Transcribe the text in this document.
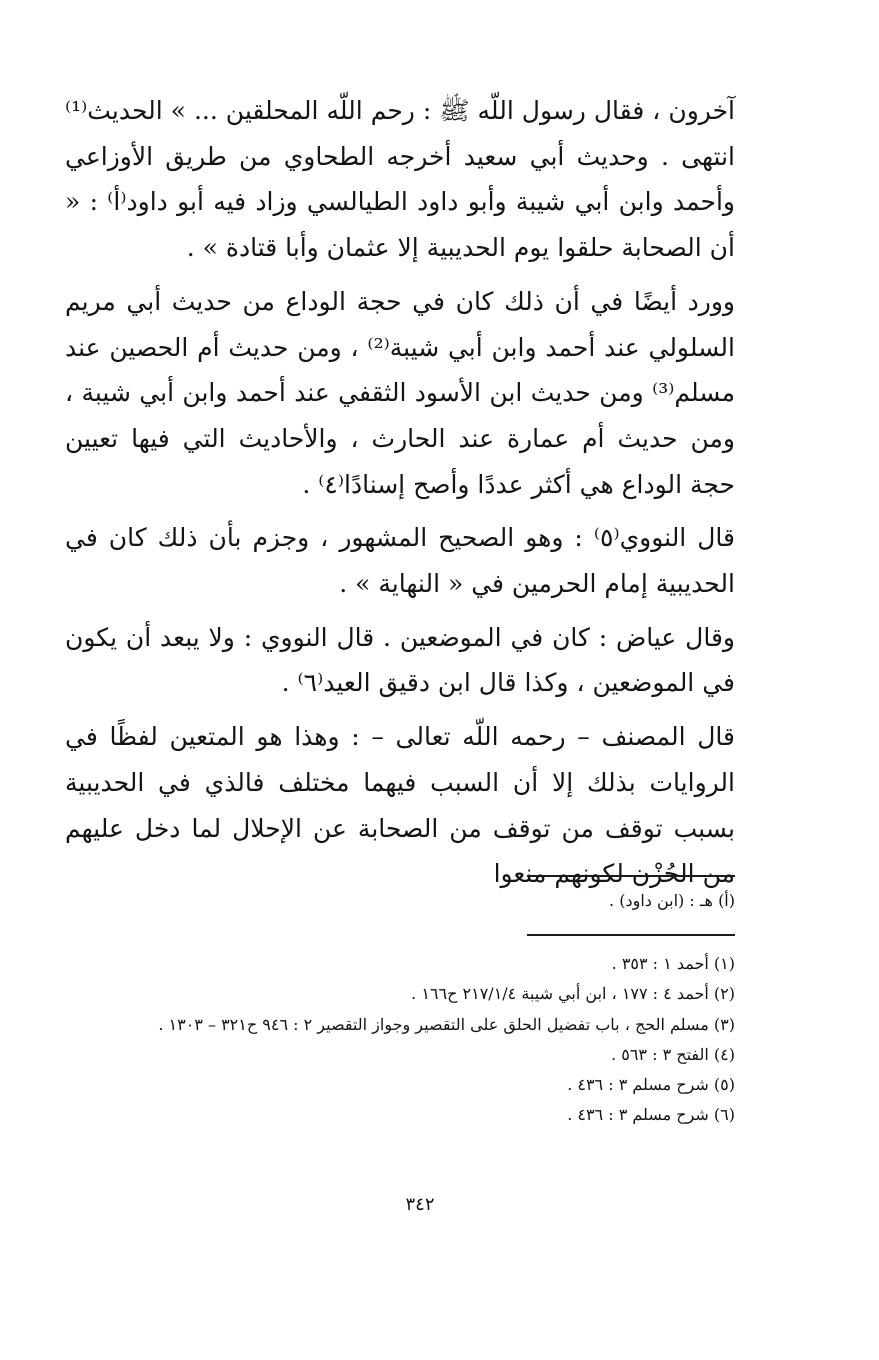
آخرون ، فقال رسول اللّه ﷺ : رحم اللّه المحلقين ... » الحديث⁽¹⁾ انتهى . وحديث أبي سعيد أخرجه الطحاوي من طريق الأوزاعي وأحمد وابن أبي شيبة وأبو داود الطيالسي وزاد فيه أبو داود⁽أ⁾ : « أن الصحابة حلقوا يوم الحديبية إلا عثمان وأبا قتادة » .

وورد أيضًا في أن ذلك كان في حجة الوداع من حديث أبي مريم السلولي عند أحمد وابن أبي شيبة⁽²⁾ ، ومن حديث أم الحصين عند مسلم⁽³⁾ ومن حديث ابن الأسود الثقفي عند أحمد وابن أبي شيبة ، ومن حديث أم عمارة عند الحارث ، والأحاديث التي فيها تعيين حجة الوداع هي أكثر عددًا وأصح إسنادًا⁽٤⁾ .

قال النووي⁽٥⁾ : وهو الصحيح المشهور ، وجزم بأن ذلك كان في الحديبية إمام الحرمين في « النهاية » .

وقال عياض : كان في الموضعين . قال النووي : ولا يبعد أن يكون في الموضعين ، وكذا قال ابن دقيق العيد⁽٦⁾ .

قال المصنف – رحمه اللّه تعالى – : وهذا هو المتعين لفظًا في الروايات بذلك إلا أن السبب فيهما مختلف فالذي في الحديبية بسبب توقف من توقف من الصحابة عن الإحلال لما دخل عليهم من الحُزْن لكونهم منعوا

(أ) هـ : (ابن داود) .
(١) أحمد ١ : ٣٥٣ .
(٢) أحمد ٤ : ١٧٧ ، ابن أبي شيبة ٢١٧/١/٤ ح١٦٦ .
(٣) مسلم الحج ، باب تفضيل الحلق على التقصير وجواز التقصير ٢ : ٩٤٦ ح٣٢١ – ١٣٠٣ .
(٤) الفتح ٣ : ٥٦٣ .
(٥) شرح مسلم ٣ : ٤٣٦ .
(٦) شرح مسلم ٣ : ٤٣٦ .
٣٤٢
